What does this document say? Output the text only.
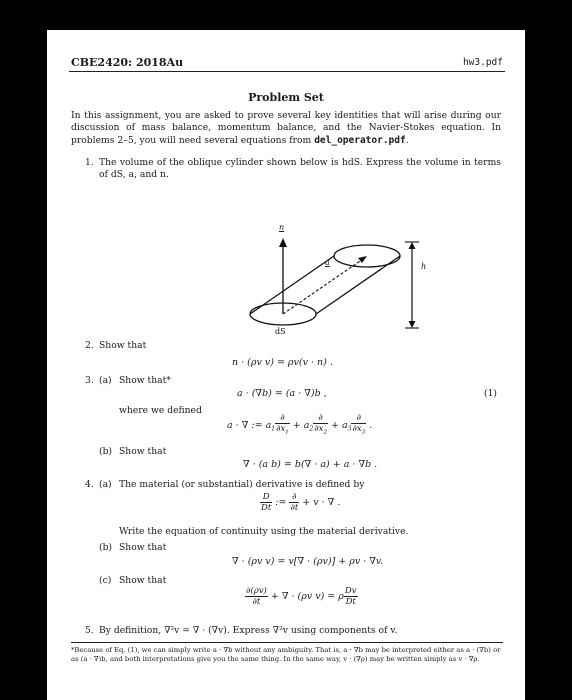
CBE2420: 2018Au	hw3.pdf
Problem Set
In this assignment, you are asked to prove several key identities that will arise during our discussion of mass balance, momentum balance, and the Navier-Stokes equation. In problems 2–5, you will need several equations from del_operator.pdf.
1. The volume of the oblique cylinder shown below is hdS. Express the volume in terms of dS, a, and n.
n
a	h
dS
2. Show that
n · (ρv v) = ρv(v · n) .
3. (a) Show that*
a · (∇b) = (a · ∇)b ,	(1)
where we defined
a · ∇ := $a_1 \frac{\partial}{\partial x_1} + a_2 \frac{\partial}{\partial x_2} + a_3 \frac{\partial}{\partial x_3}$ .
(b) Show that
∇ · (a b) = b(∇ · a) + a · ∇b .
4. (a) The material (or substantial) derivative is defined by
$\frac{D}{Dt}$ := $\frac{\partial}{\partial t} + v$ · ∇ .
Write the equation of continuity using the material derivative.
(b) Show that
∇ · (ρv v) = v[∇ · (ρv)] + ρv · ∇v.
(c) Show that
$\frac{\partial(\rho v)}{\partial t}$ + ∇ · (ρv v) = ρ $\frac{Dv}{Dt}$
5. By definition, ∇²v = ∇ · (∇v). Express ∇²v using components of v.
*Because of Eq. (1), we can simply write a · ∇b without any ambiguity. That is, a · ∇b may be interpreted either as a · (∇b) or as (a · ∇)b, and both interpretations give you the same thing. In the same way, v · (∇ρ) may be written simply as v · ∇ρ.
